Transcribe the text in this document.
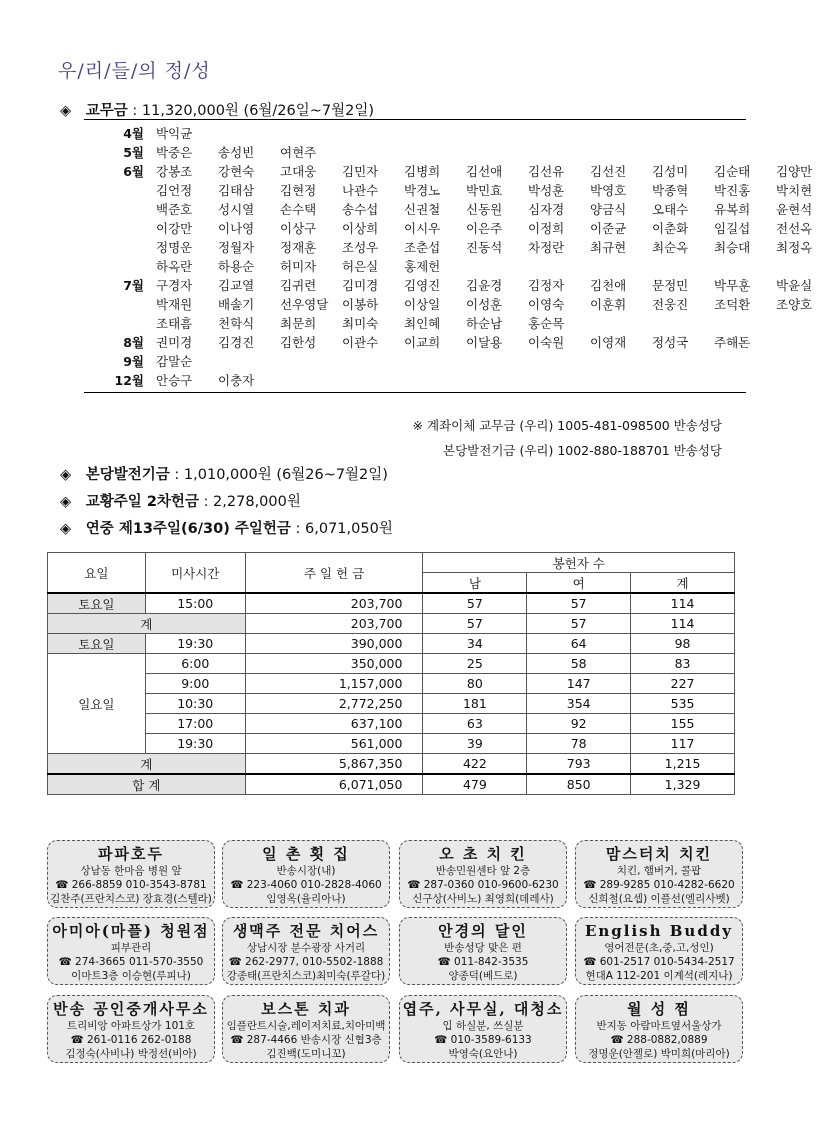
우/리/들/의 정/성
◈ 교무금 : 11,320,000원 (6월/26일~7월2일)
4월 박익균
5월 박중은	송성빈	여현주
6월 강봉조	강현숙	고대웅	김민자	김병희	김선애	김선유	김선진	김성미	김순태	김양만
김언정	김태삼	김현정	나관수	박경노	박민효	박성훈	박영호	박종혁	박진홍	박치현
백준호	성시열	손수택	송수섭	신권철	신동원	심자경	양금식	오태수	유복희	윤현석
이강만	이나영	이상구	이상희	이시우	이은주	이정희	이준균	이춘화	임길섭	전선옥
정명운	정월자	정재훈	조성우	조춘섭	진동석	차정란	최규현	최순옥	최승대	최정옥
하옥란	하용순	허미자	허은실	홍제헌
7월 구경자	김교열	김귀련	김미경	김영진	김윤경	김정자	김천애	문정민	박무훈	박윤실
박재원	배솔기	선우영달	이봉하	이상일	이성훈	이영숙	이훈휘	전웅진	조덕환	조양호
조태흠	천학식	최문희	최미숙	최인혜	하순남	홍순목
8월 권미경	김경진	김한성	이관수	이교희	이달용	이숙원	이영재	정성국	주해돈
9월 감말순
12월 안승구	이충자
※ 계좌이체 교무금 (우리) 1005-481-098500 반송성당
본당발전기금 (우리) 1002-880-188701 반송성당
◈ 본당발전기금 : 1,010,000원 (6월26~7월2일)
◈ 교황주일 2차헌금 : 2,278,000원
◈ 연중 제13주일(6/30) 주일헌금 : 6,071,050원
요일	미사시간	주 일 헌 금	봉헌자 수		
			남	여	계
토요일	15:00	203,700	57	57	114
계		203,700	57	57	114
토요일	19:30	390,000	34	64	98
일요일	6:00	350,000	25	58	83
	9:00	1,157,000	80	147	227
	10:30	2,772,250	181	354	535
	17:00	637,100	63	92	155
	19:30	561,000	39	78	117
계		5,867,350	422	793	1,215
합 계		6,071,050	479	850	1,329
파파호두
상남동 한마음 병원 앞
☎ 266-8859 010-3543-8781
김찬주(프란치스코) 장효경(스텔라)
일 촌 횟 집
반송시장(내)
☎ 223-4060 010-2828-4060
임영옥(율리아나)
오 초 치 킨
반송민원센타 앞 2층
☎ 287-0360 010-9600-6230
신구상(사비노) 최영희(데레사)
맘스터치 치킨
치킨, 햄버거, 콜팝
☎ 289-9285 010-4282-6620
신희철(요셉) 이플선(엘리사벳)
아미아(마플) 청원점
피부관리
☎ 274-3665 011-570-3550
이마트3층 이승현(루피나)
생맥주 전문 치어스
상남시장 분수광장 사거리
☎ 262-2977, 010-5502-1888
강종태(프란치스코)최미숙(루갈다)
안경의 달인
반송성당 맞은 편
☎ 011-842-3535
양종덕(베드로)
English Buddy
영어전문(초,중,고,성인)
☎ 601-2517 010-5434-2517
현대A 112-201 이계석(레지나)
반송 공인중개사무소
트리비앙 아파트상가 101호
☎ 261-0116 262-0188
김정숙(사비나) 박정선(비아)
보스톤 치과
임플란트시술,레이저치료,치아미백
☎ 287-4466 반송시장 신협3층
김진백(도미니꼬)
엽주, 사무실, 대청소
입 하실분, 쓰실분
☎ 010-3589-6133
박영숙(요안나)
월 성 찜
반지동 아람마트옆서울상가
☎ 288-0882,0889
정명운(안젤로) 박미희(마리아)
